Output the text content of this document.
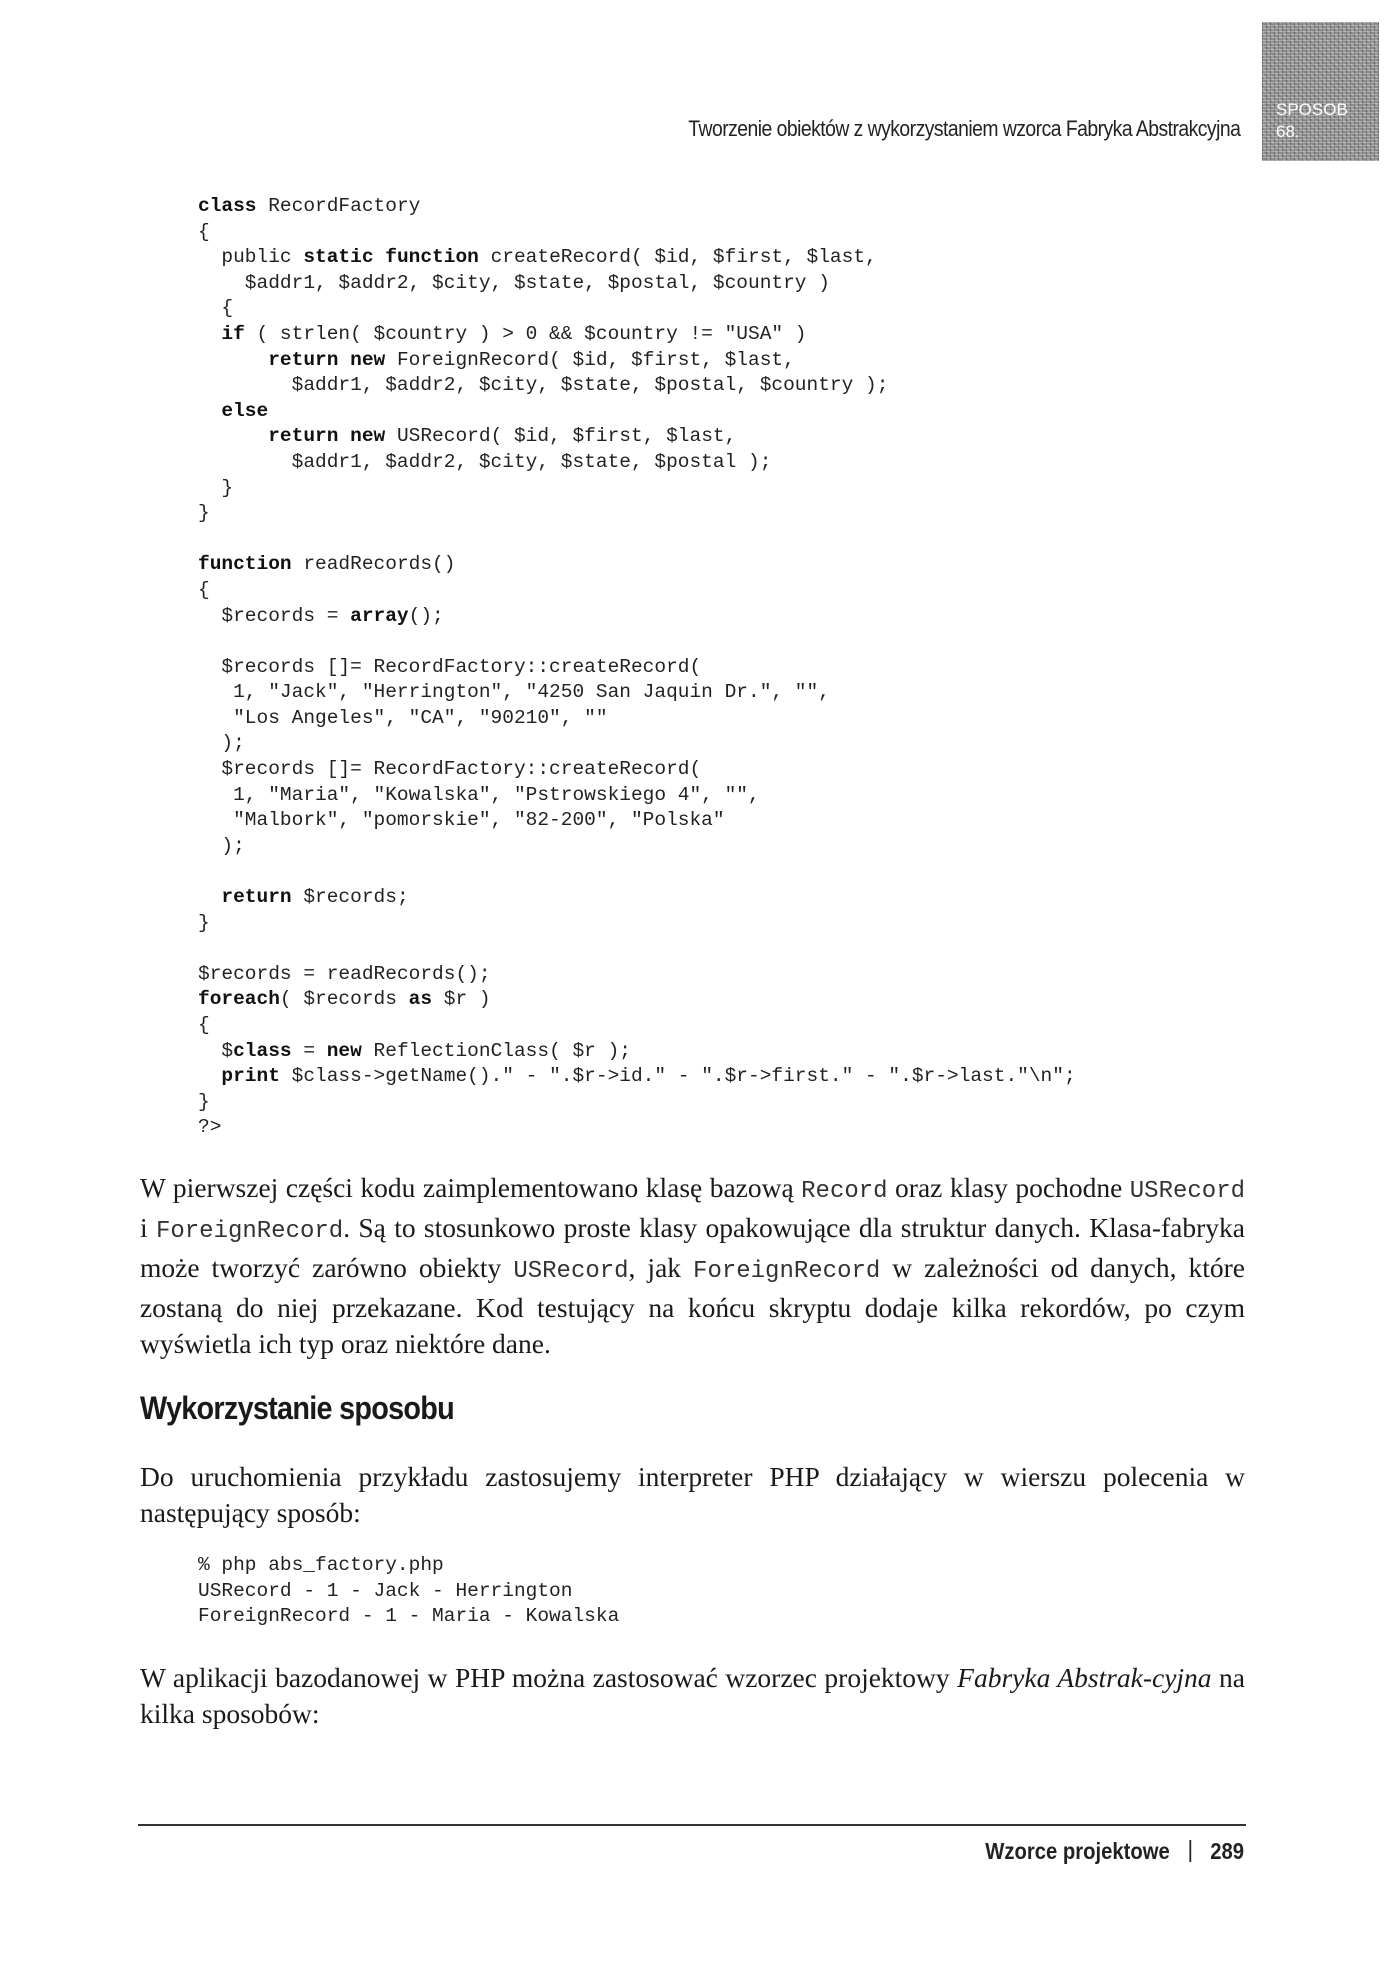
Tworzenie obiektów z wykorzystaniem wzorca Fabryka Abstrakcyjna
SPOSOB
68.
class RecordFactory
{
public static function createRecord( $id, $first, $last,
$addr1, $addr2, $city, $state, $postal, $country )
{
if ( strlen( $country ) > 0 && $country != "USA" )
return new ForeignRecord( $id, $first, $last,
$addr1, $addr2, $city, $state, $postal, $country );
else
return new USRecord( $id, $first, $last,
$addr1, $addr2, $city, $state, $postal );
}
}

function readRecords()
{
$records = array();

$records []= RecordFactory::createRecord(
1, "Jack", "Herrington", "4250 San Jaquin Dr.", "",
"Los Angeles", "CA", "90210", ""
);
$records []= RecordFactory::createRecord(
1, "Maria", "Kowalska", "Pstrowskiego 4", "",
"Malbork", "pomorskie", "82-200", "Polska"
);

return $records;
}

$records = readRecords();
foreach( $records as $r )
{
$class = new ReflectionClass( $r );
print $class->getName()." - ".$r->id." - ".$r->first." - ".$r->last."\n";
}
?>

W pierwszej części kodu zaimplementowano klasę bazową Record oraz klasy pochodne USRecord i ForeignRecord. Są to stosunkowo proste klasy opakowujące dla struktur danych. Klasa-fabryka może tworzyć zarówno obiekty USRecord, jak ForeignRecord w zależności od danych, które zostaną do niej przekazane. Kod testujący na końcu skryptu dodaje kilka rekordów, po czym wyświetla ich typ oraz niektóre dane.

Wykorzystanie sposobu

Do uruchomienia przykładu zastosujemy interpreter PHP działający w wierszu polecenia w następujący sposób:

% php abs_factory.php
USRecord - 1 - Jack - Herrington
ForeignRecord - 1 - Maria - Kowalska

W aplikacji bazodanowej w PHP można zastosować wzorzec projektowy Fabryka Abstrak-cyjna na kilka sposobów:

Wzorce projektowe 289
